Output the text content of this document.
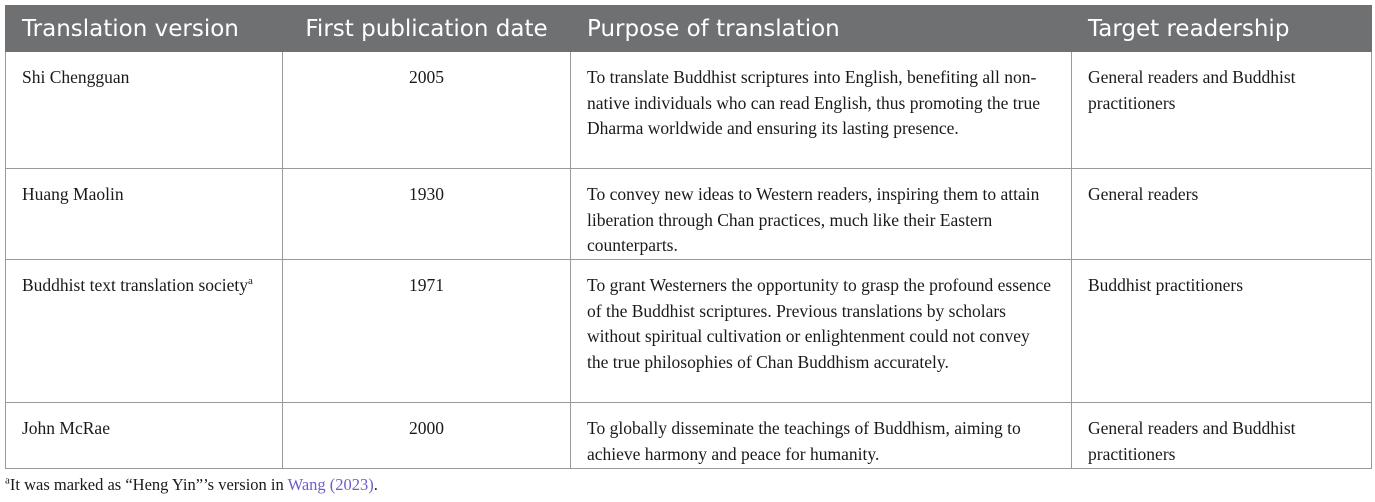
Translation version	First publication date	Purpose of translation	Target readership
Shi Chengguan	2005	To translate Buddhist scriptures into English, benefiting all non-native individuals who can read English, thus promoting the true Dharma worldwide and ensuring its lasting presence.	General readers and Buddhist practitioners
Huang Maolin	1930	To convey new ideas to Western readers, inspiring them to attain liberation through Chan practices, much like their Eastern counterparts.	General readers
Buddhist text translation society$^a$	1971	To grant Westerners the opportunity to grasp the profound essence of the Buddhist scriptures. Previous translations by scholars without spiritual cultivation or enlightenment could not convey the true philosophies of Chan Buddhism accurately.	Buddhist practitioners
John McRae	2000	To globally disseminate the teachings of Buddhism, aiming to achieve harmony and peace for humanity.	General readers and Buddhist practitioners
$^a$It was marked as “Heng Yin”’s version in Wang (2023).
